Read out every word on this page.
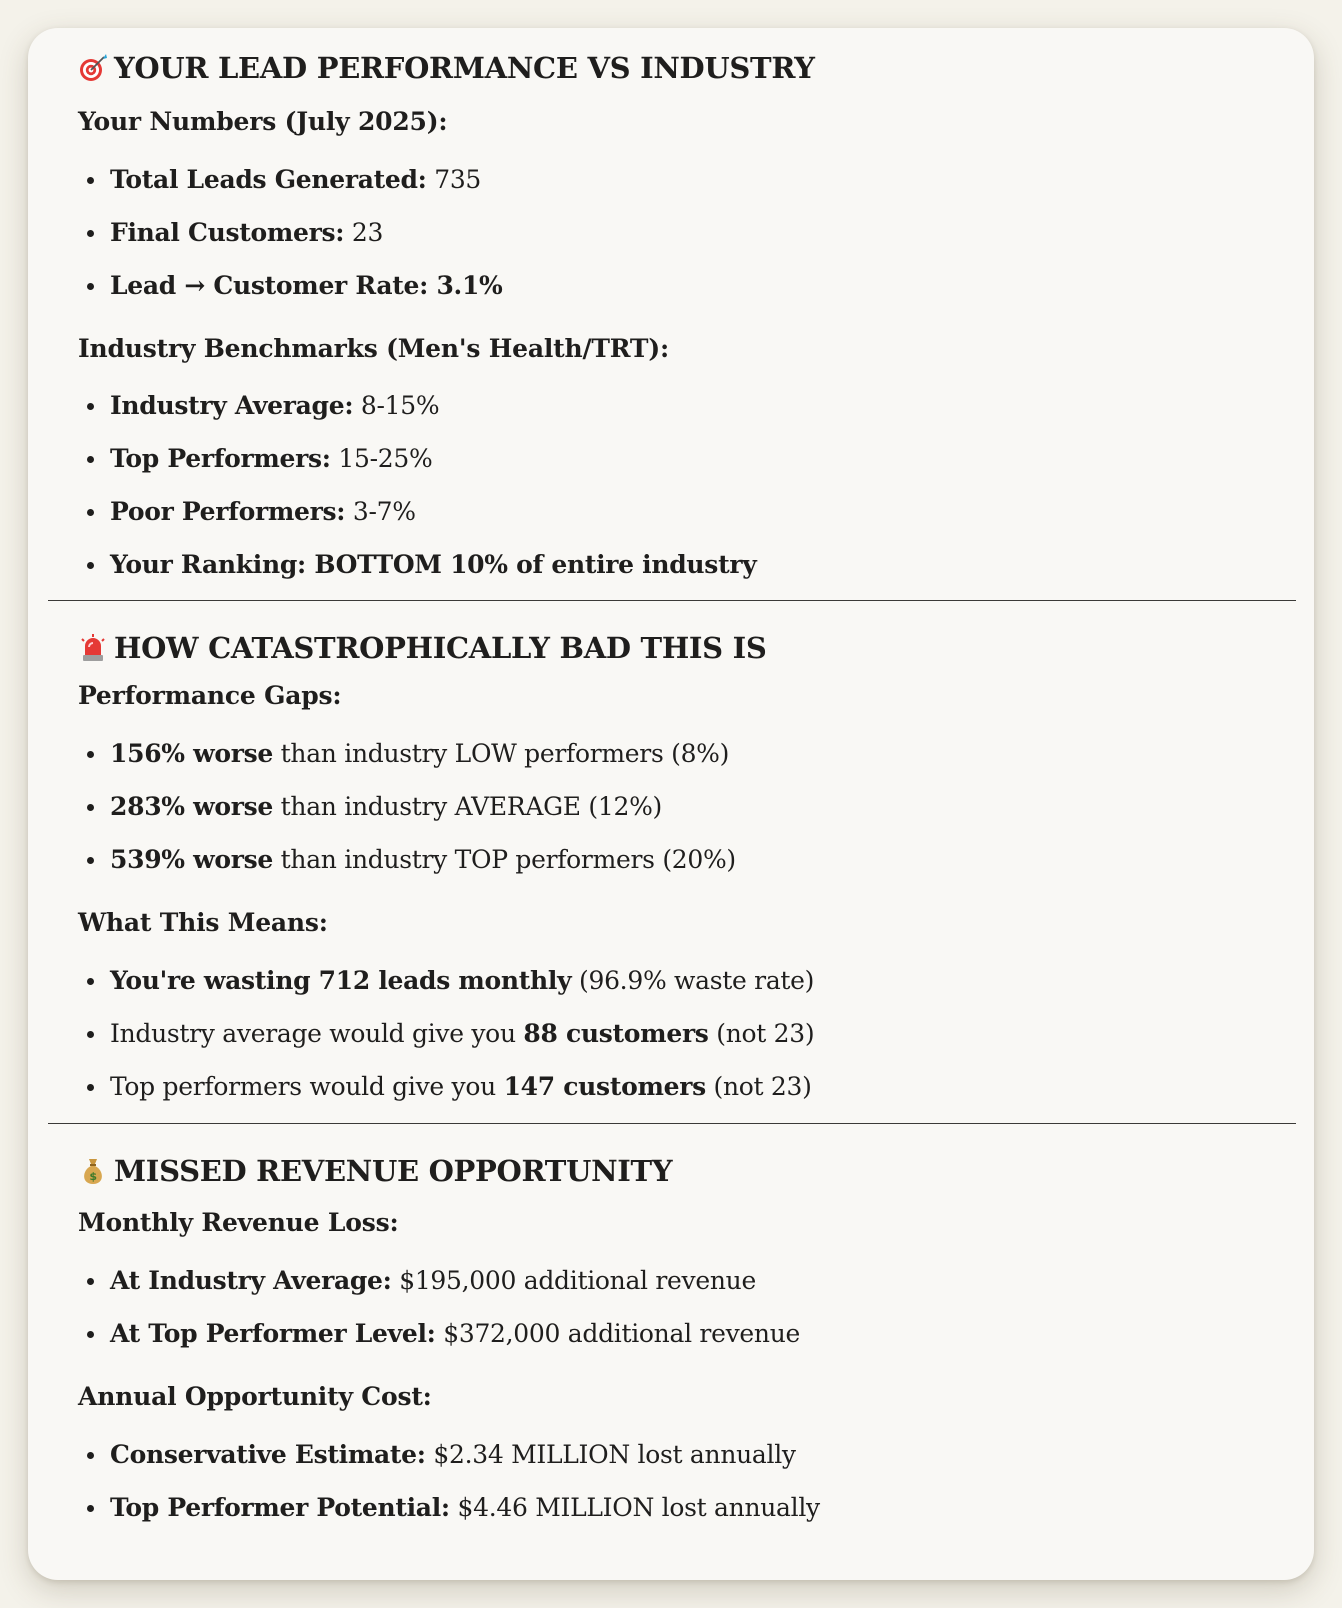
YOUR LEAD PERFORMANCE VS INDUSTRY
Your Numbers (July 2025):
Total Leads Generated: 735
Final Customers: 23
Lead → Customer Rate: 3.1%
Industry Benchmarks (Men's Health/TRT):
Industry Average: 8-15%
Top Performers: 15-25%
Poor Performers: 3-7%
Your Ranking: BOTTOM 10% of entire industry
HOW CATASTROPHICALLY BAD THIS IS
Performance Gaps:
156% worse than industry LOW performers (8%)
283% worse than industry AVERAGE (12%)
539% worse than industry TOP performers (20%)
What This Means:
You're wasting 712 leads monthly (96.9% waste rate)
Industry average would give you 88 customers (not 23)
Top performers would give you 147 customers (not 23)
$ MISSED REVENUE OPPORTUNITY
Monthly Revenue Loss:
At Industry Average: $195,000 additional revenue
At Top Performer Level: $372,000 additional revenue
Annual Opportunity Cost:
Conservative Estimate: $2.34 MILLION lost annually
Top Performer Potential: $4.46 MILLION lost annually
